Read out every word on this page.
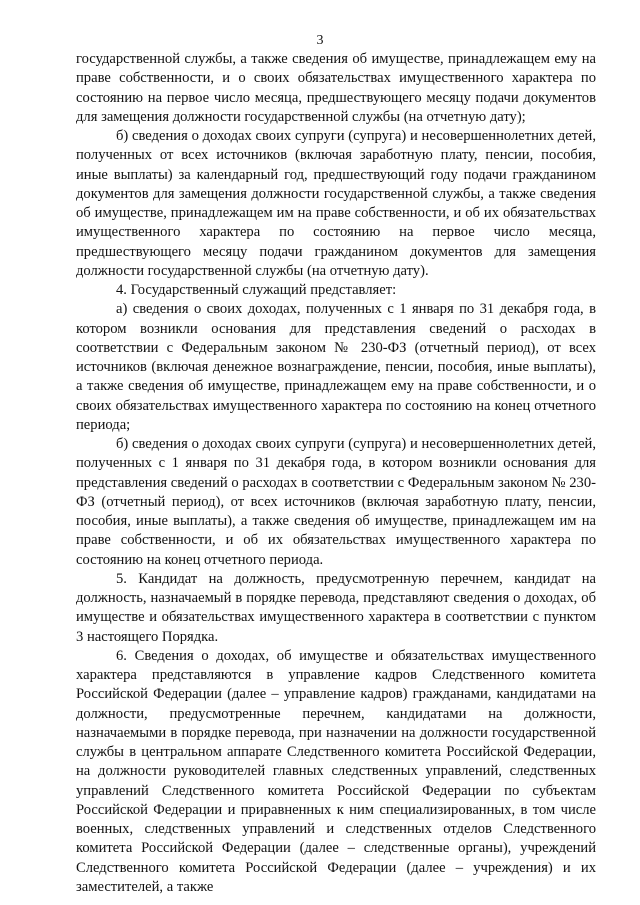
3

государственной службы, а также сведения об имуществе, принадлежащем ему на праве собственности, и о своих обязательствах имущественного характера по состоянию на первое число месяца, предшествующего месяцу подачи документов для замещения должности государственной службы (на отчетную дату);

б) сведения о доходах своих супруги (супруга) и несовершеннолетних детей, полученных от всех источников (включая заработную плату, пенсии, пособия, иные выплаты) за календарный год, предшествующий году подачи гражданином документов для замещения должности государственной службы, а также сведения об имуществе, принадлежащем им на праве собственности, и об их обязательствах имущественного характера по состоянию на первое число месяца, предшествующего месяцу подачи гражданином документов для замещения должности государственной службы (на отчетную дату).

4. Государственный служащий представляет:

а) сведения о своих доходах, полученных с 1 января по 31 декабря года, в котором возникли основания для представления сведений о расходах в соответствии с Федеральным законом № 230-ФЗ (отчетный период), от всех источников (включая денежное вознаграждение, пенсии, пособия, иные выплаты), а также сведения об имуществе, принадлежащем ему на праве собственности, и о своих обязательствах имущественного характера по состоянию на конец отчетного периода;

б) сведения о доходах своих супруги (супруга) и несовершеннолетних детей, полученных с 1 января по 31 декабря года, в котором возникли основания для представления сведений о расходах в соответствии с Федеральным законом № 230-ФЗ (отчетный период), от всех источников (включая заработную плату, пенсии, пособия, иные выплаты), а также сведения об имуществе, принадлежащем им на праве собственности, и об их обязательствах имущественного характера по состоянию на конец отчетного периода.

5. Кандидат на должность, предусмотренную перечнем, кандидат на должность, назначаемый в порядке перевода, представляют сведения о доходах, об имуществе и обязательствах имущественного характера в соответствии с пунктом 3 настоящего Порядка.

6. Сведения о доходах, об имуществе и обязательствах имущественного характера представляются в управление кадров Следственного комитета Российской Федерации (далее – управление кадров) гражданами, кандидатами на должности, предусмотренные перечнем, кандидатами на должности, назначаемыми в порядке перевода, при назначении на должности государственной службы в центральном аппарате Следственного комитета Российской Федерации, на должности руководителей главных следственных управлений, следственных управлений Следственного комитета Российской Федерации по субъектам Российской Федерации и приравненных к ним специализированных, в том числе военных, следственных управлений и следственных отделов Следственного комитета Российской Федерации (далее – следственные органы), учреждений Следственного комитета Российской Федерации (далее – учреждения) и их заместителей, а также
